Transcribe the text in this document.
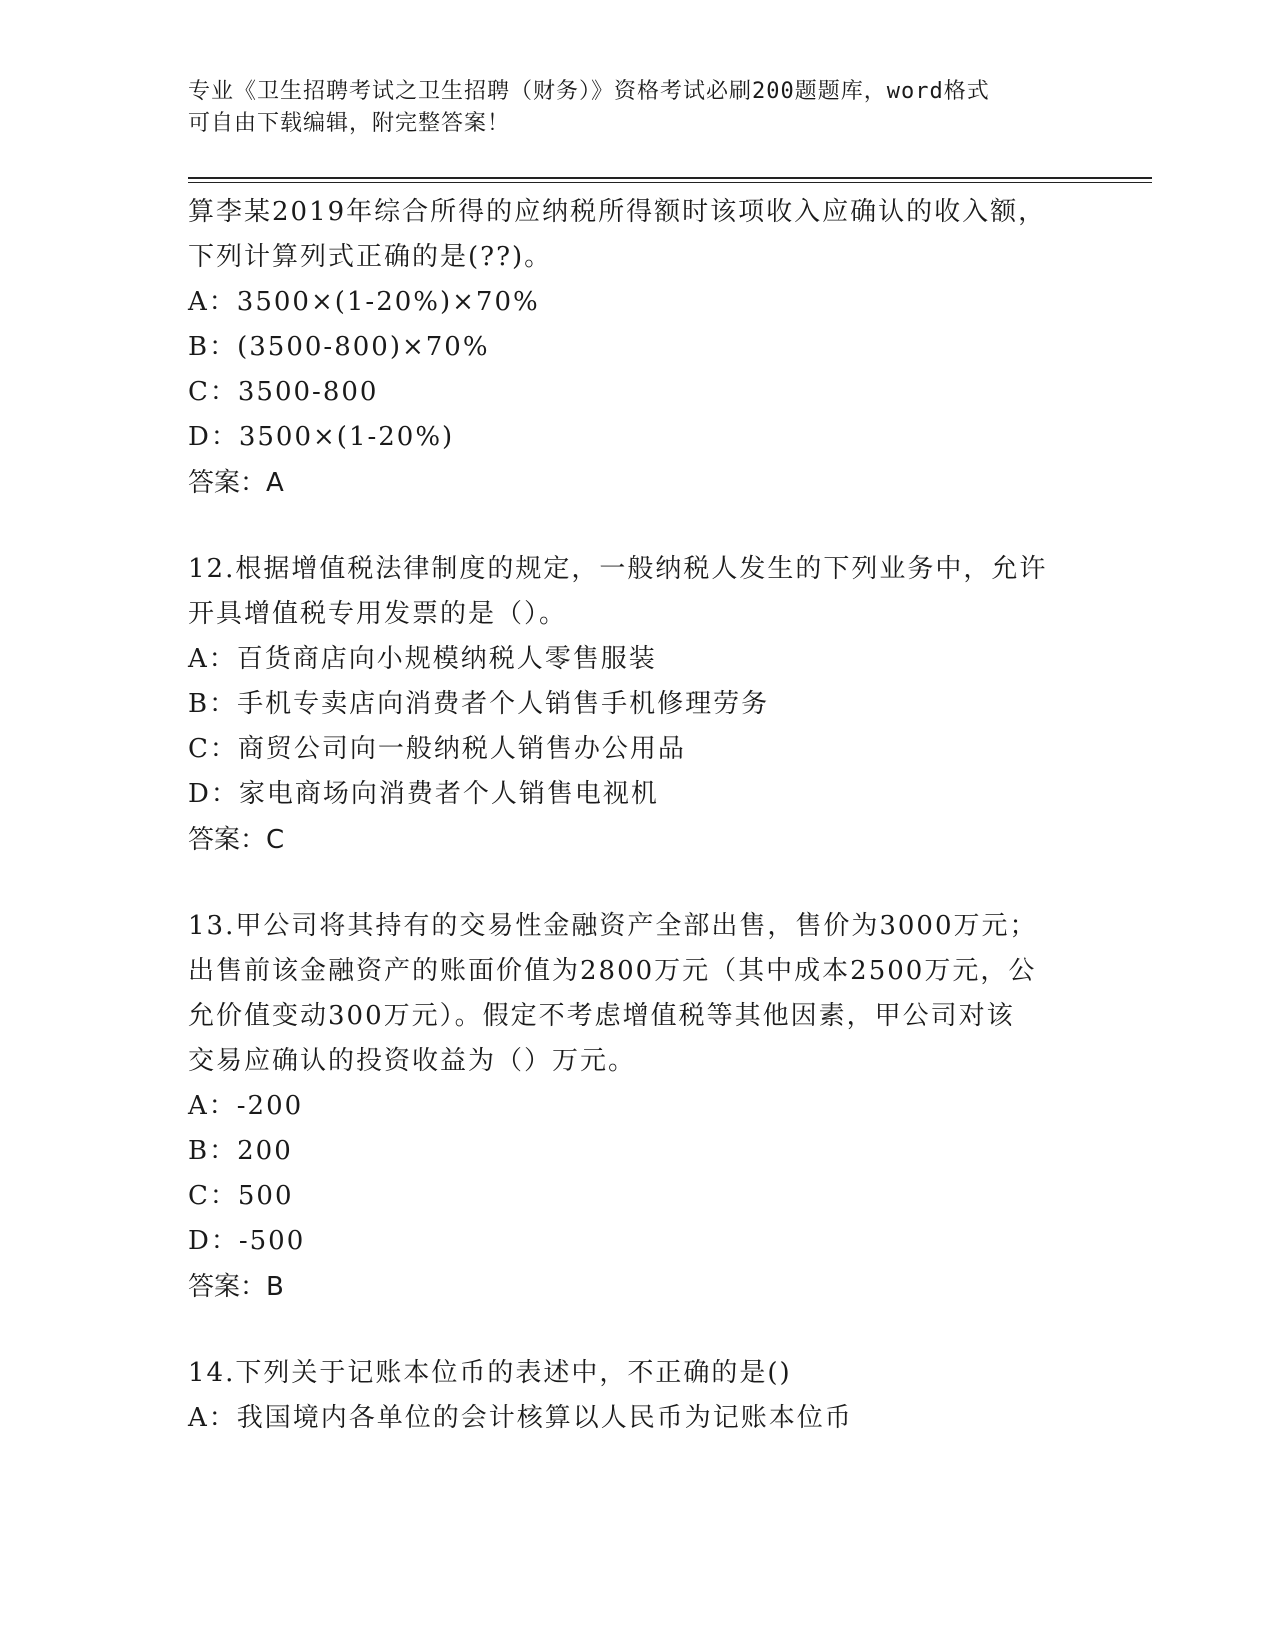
专业《卫生招聘考试之卫生招聘（财务）》资格考试必刷200题题库，word格式
可自由下载编辑，附完整答案！
算李某2019年综合所得的应纳税所得额时该项收入应确认的收入额，
下列计算列式正确的是(??)。
A：3500×(1-20%)×70%
B：(3500-800)×70%
C：3500-800
D：3500×(1-20%)
答案：A
12.根据增值税法律制度的规定，一般纳税人发生的下列业务中，允许
开具增值税专用发票的是（）。
A：百货商店向小规模纳税人零售服装
B：手机专卖店向消费者个人销售手机修理劳务
C：商贸公司向一般纳税人销售办公用品
D：家电商场向消费者个人销售电视机
答案：C
13.甲公司将其持有的交易性金融资产全部出售，售价为3000万元；
出售前该金融资产的账面价值为2800万元（其中成本2500万元，公
允价值变动300万元）。假定不考虑增值税等其他因素，甲公司对该
交易应确认的投资收益为（）万元。
A：-200
B：200
C：500
D：-500
答案：B
14.下列关于记账本位币的表述中，不正确的是()
A：我国境内各单位的会计核算以人民币为记账本位币
